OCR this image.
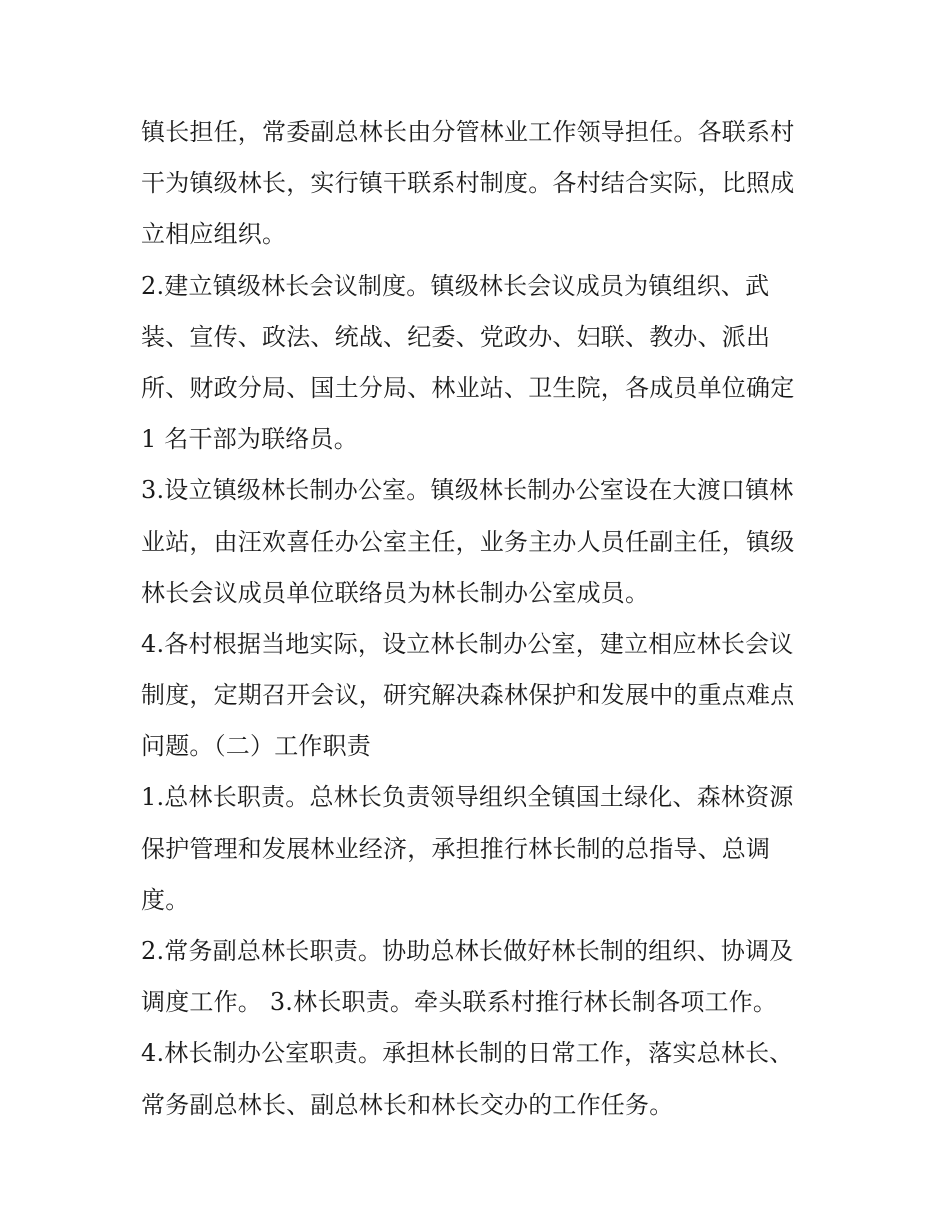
镇长担任，常委副总林长由分管林业工作领导担任。各联系村
干为镇级林长，实行镇干联系村制度。各村结合实际，比照成
立相应组织。
2.建立镇级林长会议制度。镇级林长会议成员为镇组织、武
装、宣传、政法、统战、纪委、党政办、妇联、教办、派出
所、财政分局、国土分局、林业站、卫生院，各成员单位确定
1 名干部为联络员。
3.设立镇级林长制办公室。镇级林长制办公室设在大渡口镇林
业站，由汪欢喜任办公室主任，业务主办人员任副主任，镇级
林长会议成员单位联络员为林长制办公室成员。
4.各村根据当地实际，设立林长制办公室，建立相应林长会议
制度，定期召开会议，研究解决森林保护和发展中的重点难点
问题。（二）工作职责
1.总林长职责。总林长负责领导组织全镇国土绿化、森林资源
保护管理和发展林业经济，承担推行林长制的总指导、总调
度。
2.常务副总林长职责。协助总林长做好林长制的组织、协调及
调度工作。 3.林长职责。牵头联系村推行林长制各项工作。
4.林长制办公室职责。承担林长制的日常工作，落实总林长、
常务副总林长、副总林长和林长交办的工作任务。
